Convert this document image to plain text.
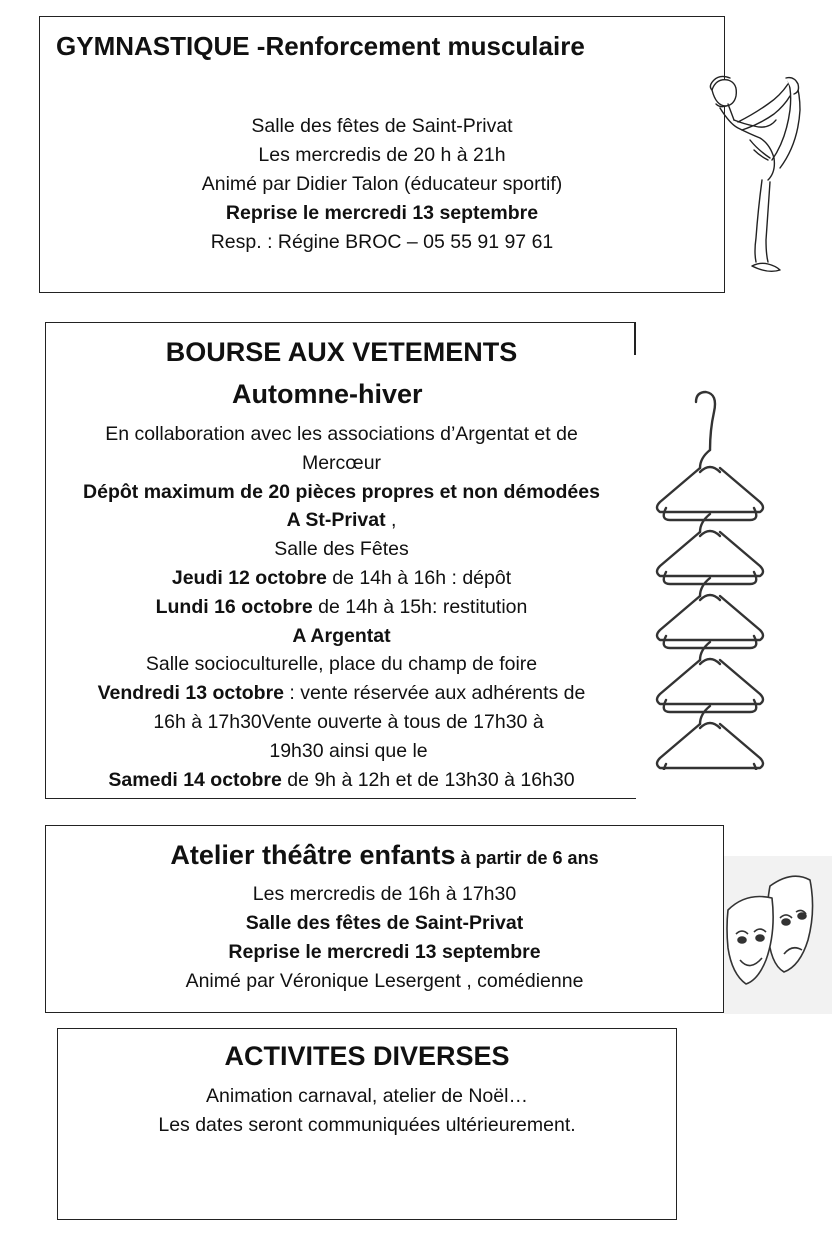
GYMNASTIQUE -Renforcement musculaire
Salle des fêtes de Saint-Privat
Les mercredis de 20 h à 21h
Animé par Didier Talon (éducateur sportif)
Reprise le mercredi 13 septembre
Resp. : Régine BROC – 05 55 91 97 61
BOURSE AUX VETEMENTS
Automne-hiver
En collaboration avec les associations d’Argentat et de
Mercœur
Dépôt maximum de 20 pièces propres et non démodées
A St-Privat ,
Salle des Fêtes
Jeudi 12 octobre de 14h à 16h : dépôt
Lundi 16 octobre de 14h à 15h: restitution
A Argentat
Salle socioculturelle, place du champ de foire
Vendredi 13 octobre : vente réservée aux adhérents de
16h à 17h30Vente ouverte à tous de 17h30 à
19h30 ainsi que le
Samedi 14 octobre de 9h à 12h et de 13h30 à 16h30
Atelier théâtre enfants à partir de 6 ans
Les mercredis de 16h à 17h30
Salle des fêtes de Saint-Privat
Reprise le mercredi 13 septembre
Animé par Véronique Lesergent , comédienne
ACTIVITES DIVERSES
Animation carnaval, atelier de Noël…
Les dates seront communiquées ultérieurement.
